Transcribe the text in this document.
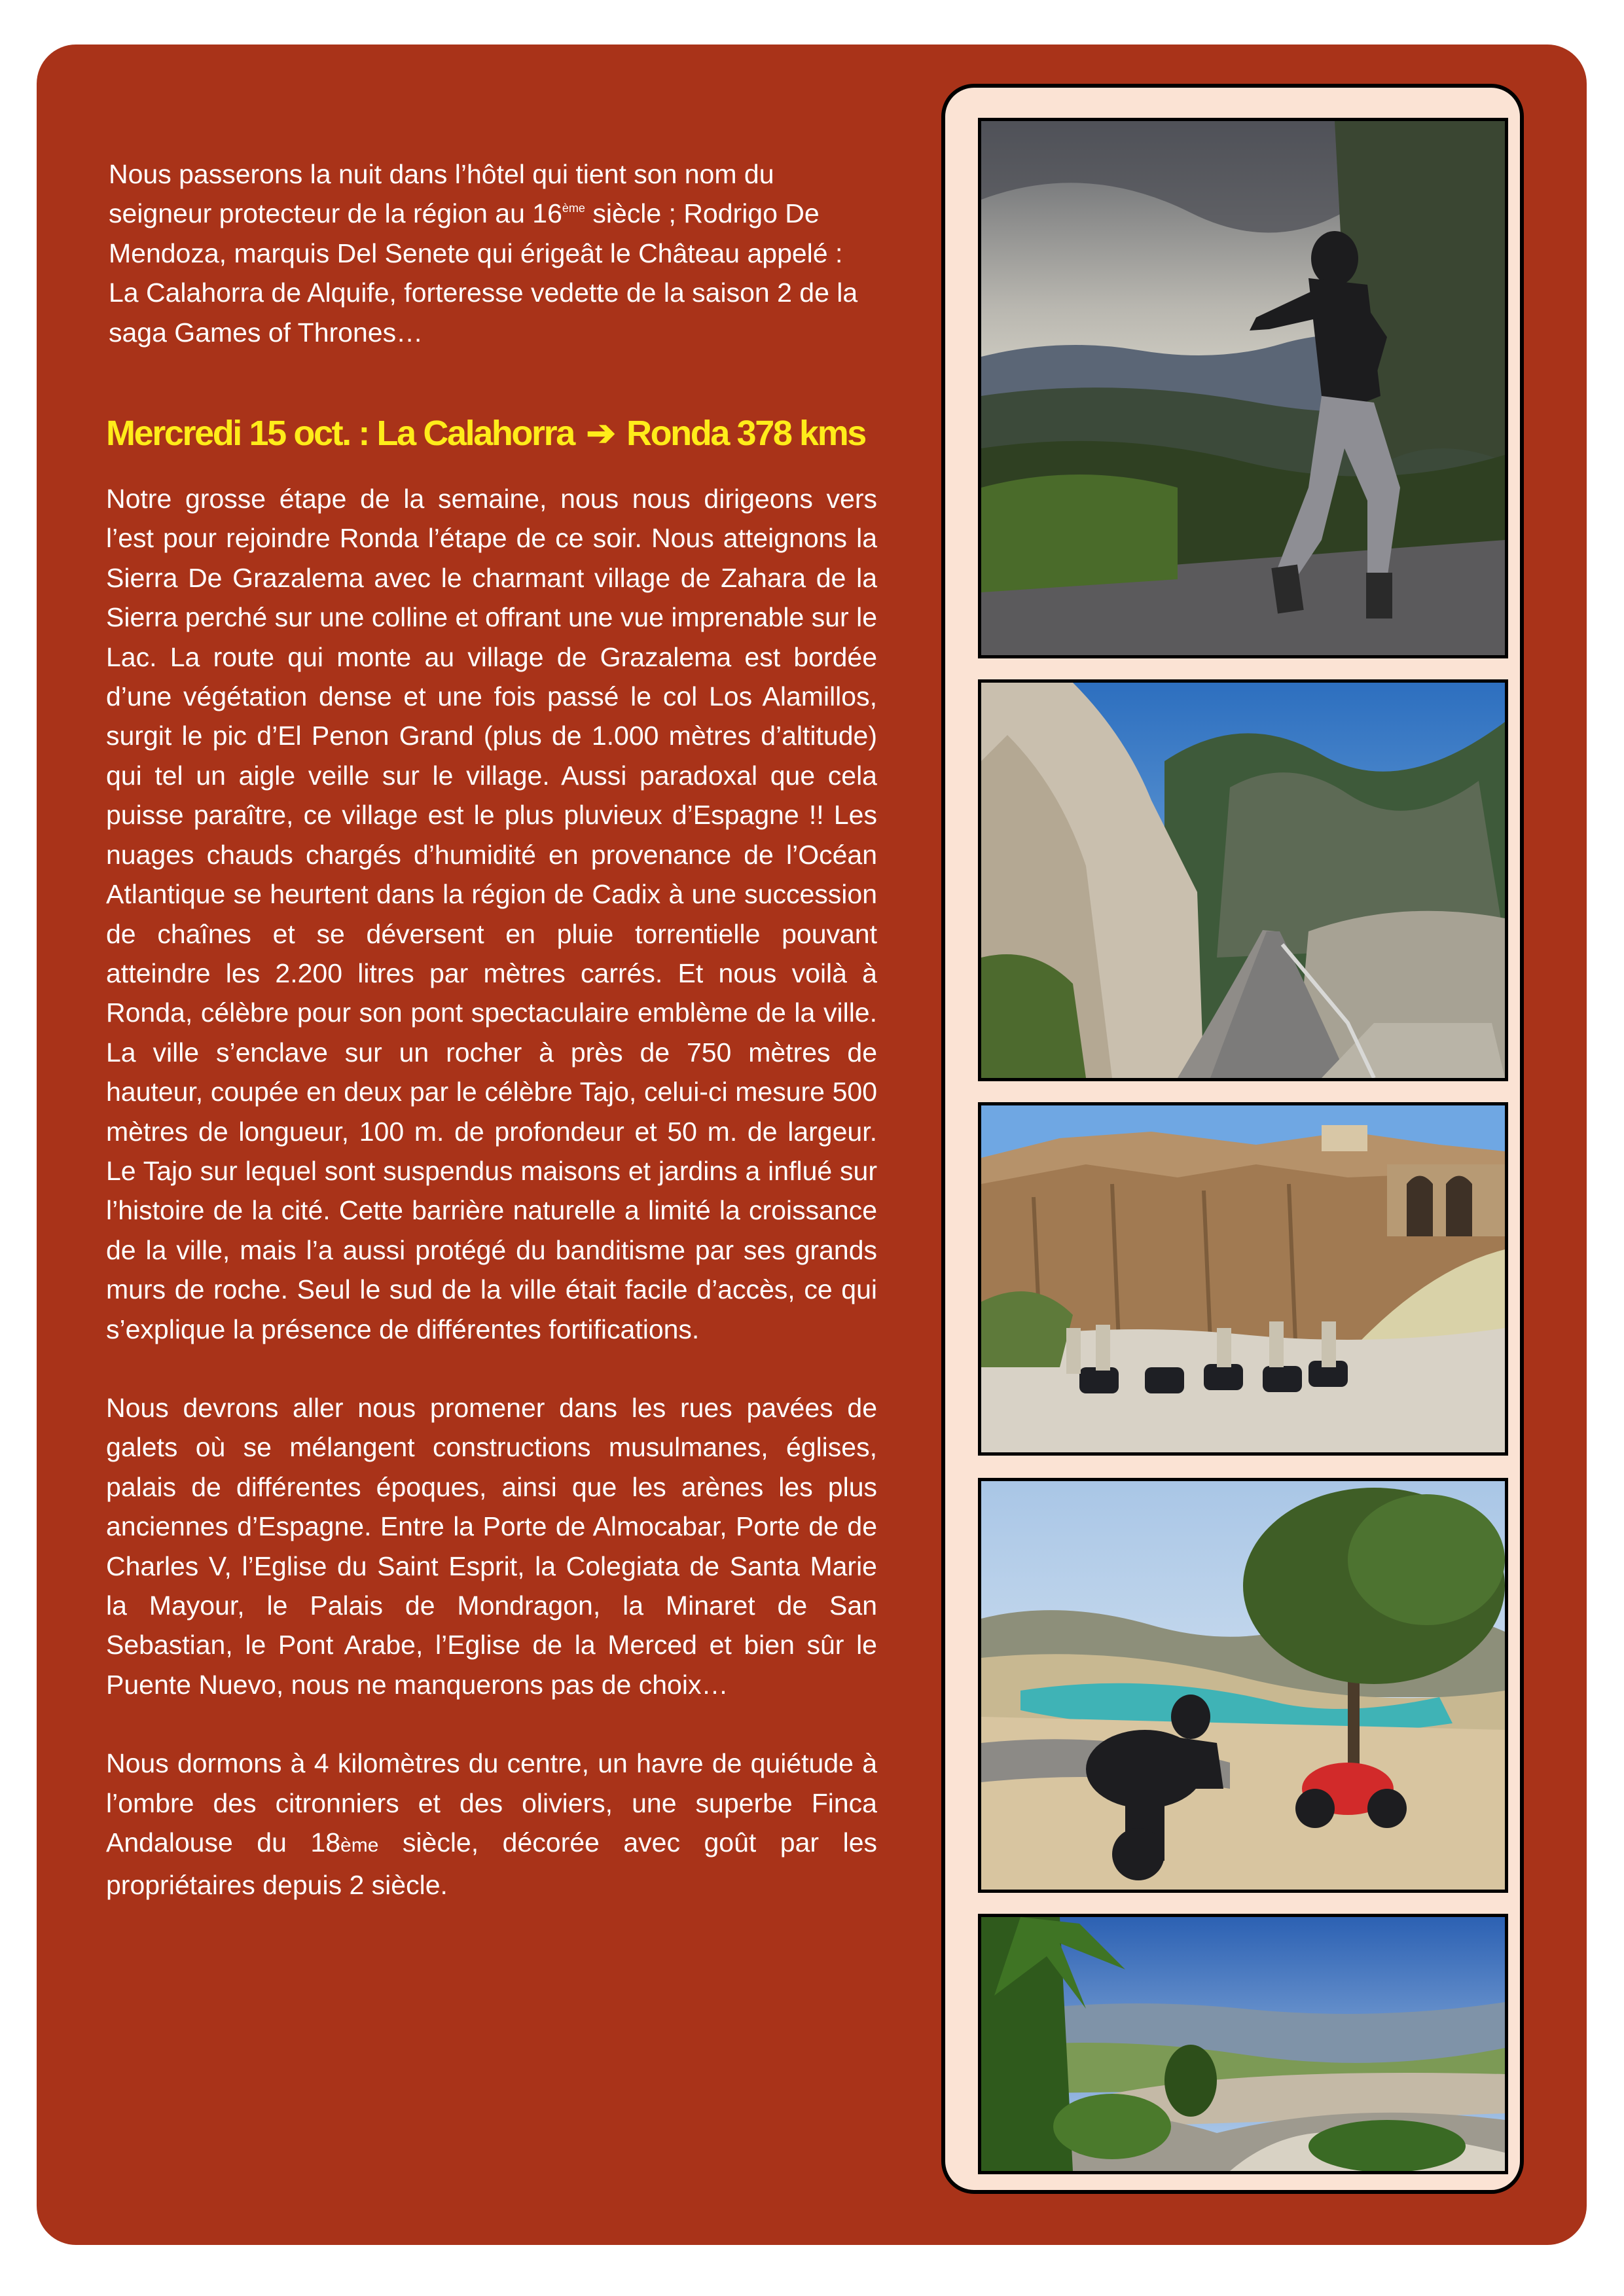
Nous passerons la nuit dans l’hôtel qui tient son nom du seigneur protecteur de la région au 16ème siècle ; Rodrigo De Mendoza, marquis Del Senete qui érigeât le Château appelé : La Calahorra de Alquife, forteresse vedette de la saison 2 de la saga Games of Thrones…

Mercredi 15 oct. : La Calahorra ➔ Ronda 378 kms

Notre grosse étape de la semaine, nous nous dirigeons vers l’est pour rejoindre Ronda l’étape de ce soir. Nous atteignons la Sierra De Grazalema avec le charmant village de Zahara de la Sierra perché sur une colline et offrant une vue imprenable sur le Lac. La route qui monte au village de Grazalema est bordée d’une végétation dense et une fois passé le col Los Alamillos, surgit le pic d’El Penon Grand (plus de 1.000 mètres d’altitude) qui tel un aigle veille sur le village. Aussi paradoxal que cela puisse paraître, ce village est le plus pluvieux d’Espagne !! Les nuages chauds chargés d’humidité en provenance de l’Océan Atlantique se heurtent dans la région de Cadix à une succession de chaînes et se déversent en pluie torrentielle pouvant atteindre les 2.200 litres par mètres carrés. Et nous voilà à Ronda, célèbre pour son pont spectaculaire emblème de la ville. La ville s’enclave sur un rocher à près de 750 mètres de hauteur, coupée en deux par le célèbre Tajo, celui-ci mesure 500 mètres de longueur, 100 m. de profondeur et 50 m. de largeur. Le Tajo sur lequel sont suspendus maisons et jardins a influé sur l’histoire de la cité. Cette barrière naturelle a limité la croissance de la ville, mais l’a aussi protégé du banditisme par ses grands murs de roche. Seul le sud de la ville était facile d’accès, ce qui s’explique la présence de différentes fortifications.

Nous devrons aller nous promener dans les rues pavées de galets où se mélangent constructions musulmanes, églises, palais de différentes époques, ainsi que les arènes les plus anciennes d’Espagne. Entre la Porte de Almocabar, Porte de de Charles V, l’Eglise du Saint Esprit, la Colegiata de Santa Marie la Mayour, le Palais de Mondragon, la Minaret de San Sebastian, le Pont Arabe, l’Eglise de la Merced et bien sûr le Puente Nuevo, nous ne manquerons pas de choix…

Nous dormons à 4 kilomètres du centre, un havre de quiétude à l’ombre des citronniers et des oliviers, une superbe Finca Andalouse du 18ème siècle, décorée avec goût par les propriétaires depuis 2 siècle.
